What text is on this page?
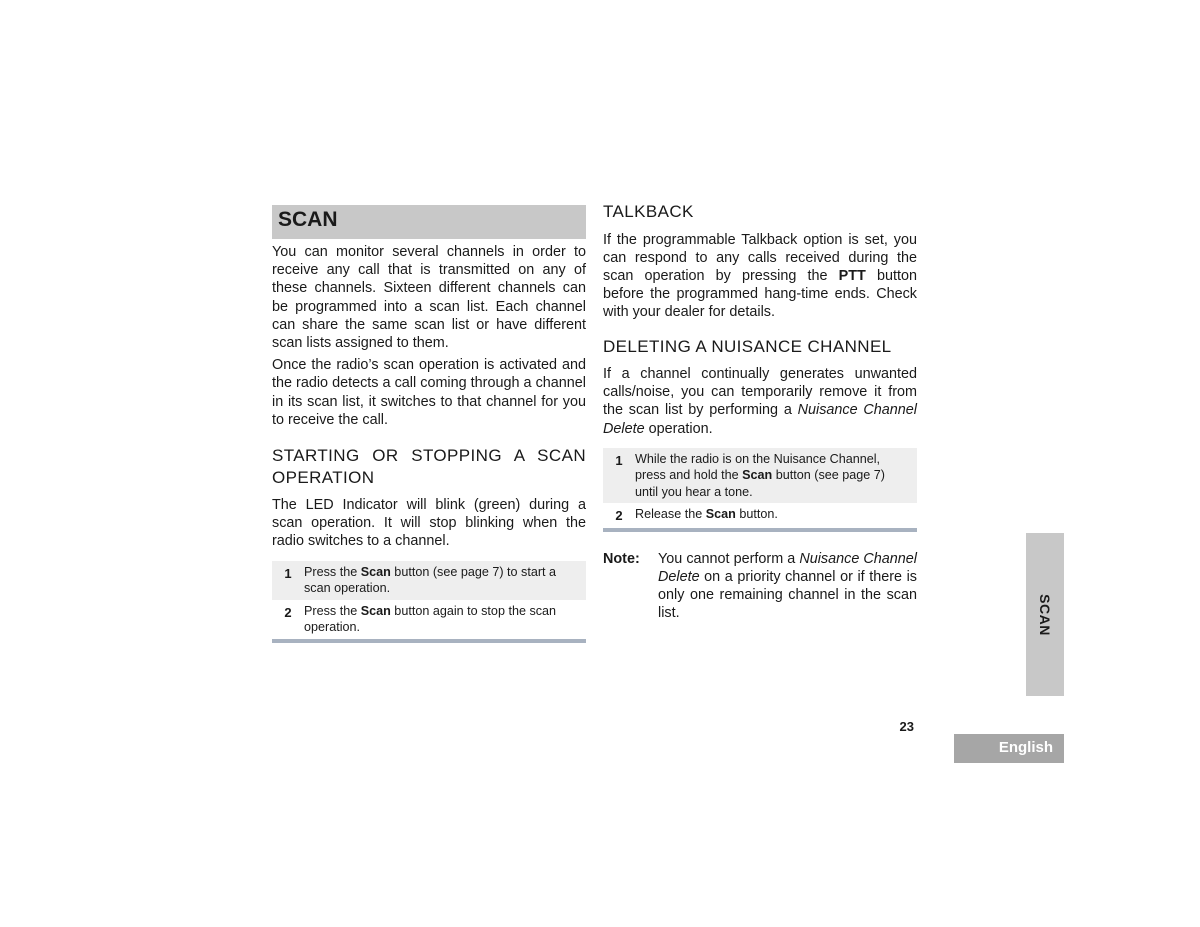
SCAN

You can monitor several channels in order to receive any call that is transmitted on any of these channels. Sixteen different channels can be programmed into a scan list. Each channel can share the same scan list or have different scan lists assigned to them.

Once the radio’s scan operation is activated and the radio detects a call coming through a channel in its scan list, it switches to that channel for you to receive the call.

STARTING OR STOPPING A SCAN OPERATION

The LED Indicator will blink (green) during a scan operation. It will stop blinking when the radio switches to a channel.

1 Press the Scan button (see page 7) to start a scan operation.
2 Press the Scan button again to stop the scan operation.
TALKBACK

If the programmable Talkback option is set, you can respond to any calls received during the scan operation by pressing the PTT button before the programmed hang-time ends. Check with your dealer for details.

DELETING A NUISANCE CHANNEL

If a channel continually generates unwanted calls/noise, you can temporarily remove it from the scan list by performing a Nuisance Channel Delete operation.

1 While the radio is on the Nuisance Channel, press and hold the Scan button (see page 7) until you hear a tone.
2 Release the Scan button.
Note:	You cannot perform a Nuisance Channel Delete on a priority channel or if there is only one remaining channel in the scan list.	SCAN
23
English
